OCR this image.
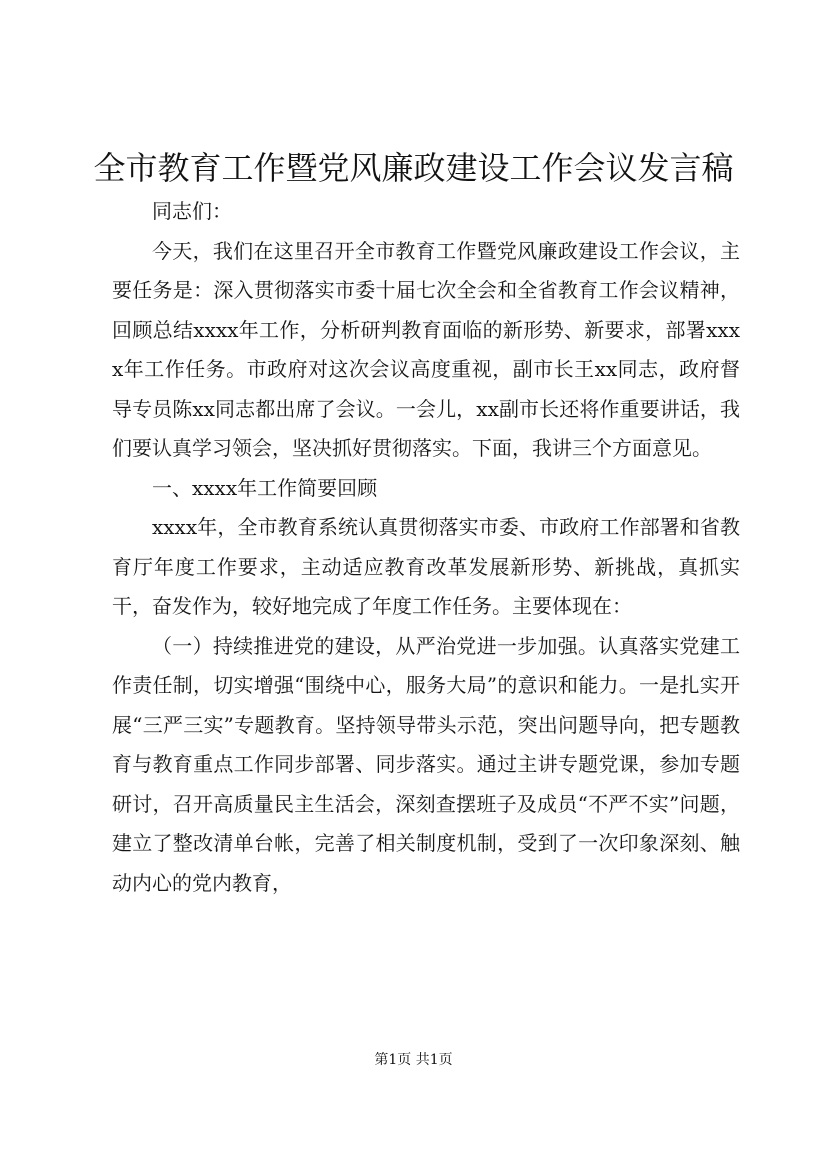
全市教育工作暨党风廉政建设工作会议发言稿

同志们：

今天，我们在这里召开全市教育工作暨党风廉政建设工作会议，主要任务是：深入贯彻落实市委十届七次全会和全省教育工作会议精神，回顾总结xxxx年工作，分析研判教育面临的新形势、新要求，部署xxxx年工作任务。市政府对这次会议高度重视，副市长王xx同志，政府督导专员陈xx同志都出席了会议。一会儿，xx副市长还将作重要讲话，我们要认真学习领会，坚决抓好贯彻落实。下面，我讲三个方面意见。

一、xxxx年工作简要回顾

xxxx年，全市教育系统认真贯彻落实市委、市政府工作部署和省教育厅年度工作要求，主动适应教育改革发展新形势、新挑战，真抓实干，奋发作为，较好地完成了年度工作任务。主要体现在：

（一）持续推进党的建设，从严治党进一步加强。认真落实党建工作责任制，切实增强“围绕中心，服务大局”的意识和能力。一是扎实开展“三严三实”专题教育。坚持领导带头示范，突出问题导向，把专题教育与教育重点工作同步部署、同步落实。通过主讲专题党课，参加专题研讨，召开高质量民主生活会，深刻查摆班子及成员“不严不实”问题，建立了整改清单台帐，完善了相关制度机制，受到了一次印象深刻、触动内心的党内教育，

第1页 共1页
